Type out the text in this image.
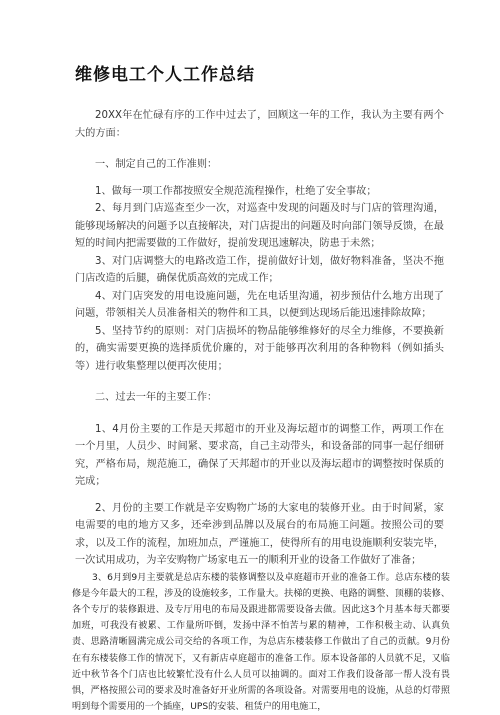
维修电工个人工作总结

20XX年在忙碌有序的工作中过去了，回顾这一年的工作，我认为主要有两个大的方面：

一、制定自己的工作准则：

1、做每一项工作都按照安全规范流程操作，杜绝了安全事故；

2、每月到门店巡查至少一次，对巡查中发现的问题及时与门店的管理沟通，能够现场解决的问题予以直接解决，对门店提出的问题及时向部门领导反馈，在最短的时间内把需要做的工作做好，提前发现迅速解决，防患于未然；

3、对门店调整大的电路改造工作，提前做好计划，做好物料准备，坚决不拖门店改造的后腿，确保优质高效的完成工作；

4、对门店突发的用电设施问题，先在电话里沟通，初步预估什么地方出现了问题，带领相关人员准备相关的物件和工具，以便到达现场后能迅速排除故障；

5、坚持节约的原则：对门店损坏的物品能够维修好的尽全力维修，不要换新的，确实需要更换的选择质优价廉的，对于能够再次利用的各种物料（例如插头等）进行收集整理以便再次使用；

二、过去一年的主要工作：

1、4月份主要的工作是天邦超市的开业及海坛超市的调整工作，两项工作在一个月里，人员少、时间紧、要求高，自己主动带头，和设备部的同事一起仔细研究，严格布局，规范施工，确保了天邦超市的开业以及海坛超市的调整按时保质的完成；

2、月份的主要工作就是辛安购物广场的大家电的装修开业。由于时间紧，家电需要的电的地方又多，还牵涉到品牌以及展台的布局施工问题。按照公司的要求，以及工作的流程，加班加点，严谨施工，使得所有的用电设施顺利安装完毕，一次试用成功，为辛安购物广场家电五一的顺利开业的设备工作做好了准备；

3、6月到9月主要就是总店东楼的装修调整以及卓庭超市开业的准备工作。总店东楼的装修是今年最大的工程，涉及的设施较多，工作量大。扶梯的更换、电路的调整、顶棚的装修、各个专厅的装修跟进、及专厅用电的布局及跟进都需要设备去做。因此这3个月基本每天都要加班，可我没有被累、工作量所吓倒，发扬中泽不怕苦与累的精神，工作积极主动、认真负责、思路清晰圆满完成公司交给的各项工作，为总店东楼装修工作做出了自己的贡献。9月份在有东楼装修工作的情况下，又有新店卓庭超市的准备工作。原本设备部的人员就不足，又临近中秋节各个门店也比较繁忙没有什么人员可以抽调的。面对工作我们设备部一帮人没有畏惧，严格按照公司的要求及时准备好开业所需的各项设备。对需要用电的设施，从总的灯带照明到每个需要用的一个插座，UPS的安装、租赁户的用电施工，
